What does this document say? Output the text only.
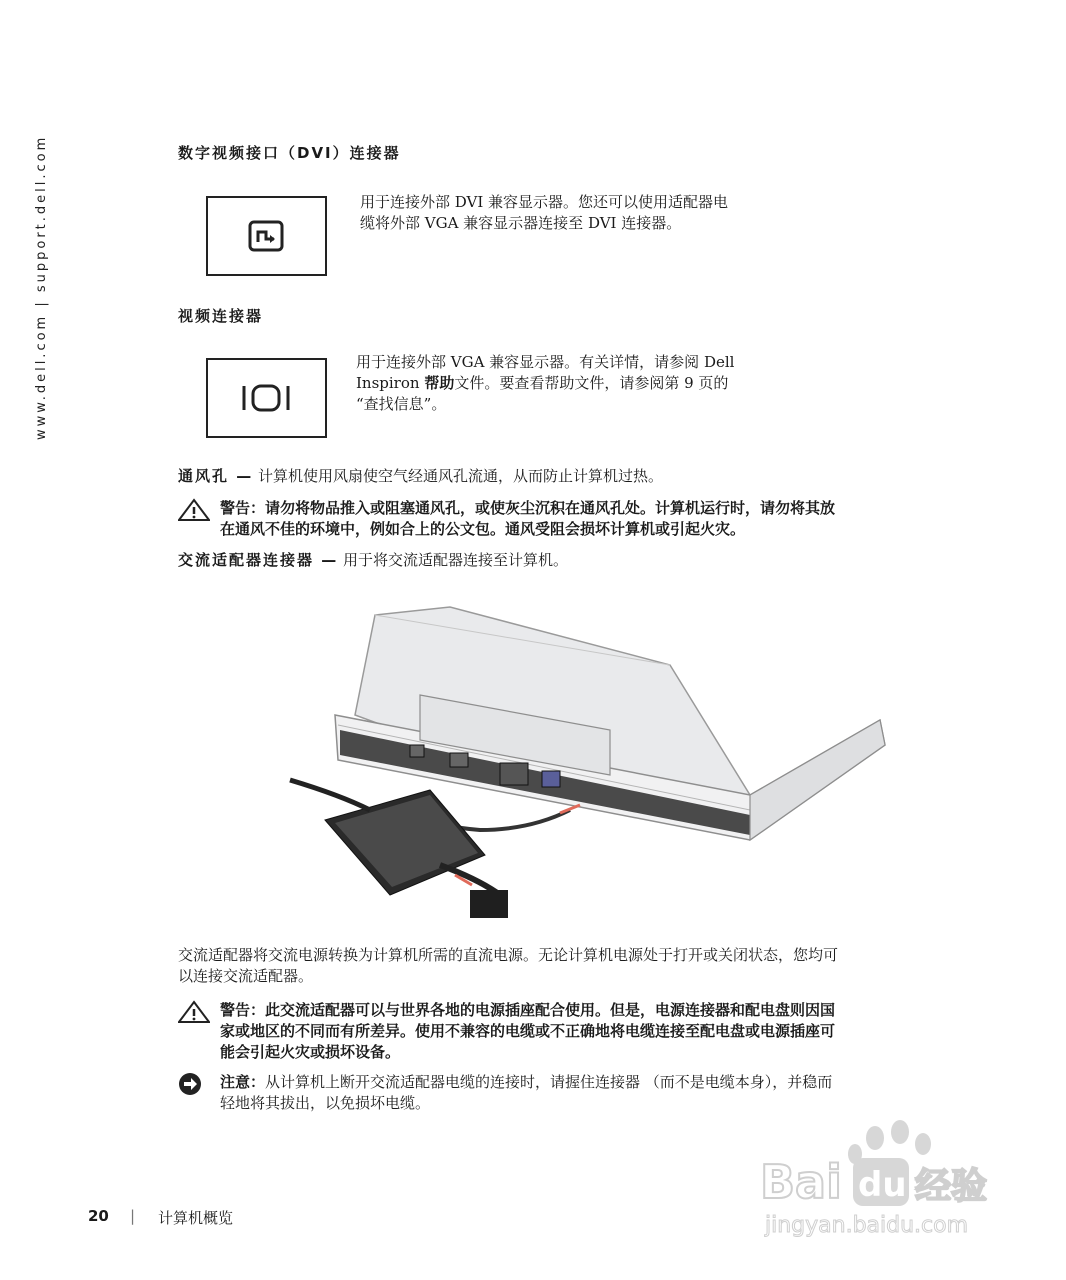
www.dell.com | support.dell.com	数字视频接口（DVI）连接器
用于连接外部 DVI 兼容显示器。您还可以使用适配器电
缆将外部 VGA 兼容显示器连接至 DVI 连接器。
视频连接器
用于连接外部 VGA 兼容显示器。有关详情，请参阅 Dell
Inspiron 帮助文件。要查看帮助文件，请参阅第 9 页的
“查找信息”。
通风孔 — 计算机使用风扇使空气经通风孔流通，从而防止计算机过热。
警告：请勿将物品推入或阻塞通风孔，或使灰尘沉积在通风孔处。计算机运行时，请勿将其放
在通风不佳的环境中，例如合上的公文包。通风受阻会损坏计算机或引起火灾。
交流适配器连接器 — 用于将交流适配器连接至计算机。
交流适配器将交流电源转换为计算机所需的直流电源。无论计算机电源处于打开或关闭状态，您均可
以连接交流适配器。
警告：此交流适配器可以与世界各地的电源插座配合使用。但是，电源连接器和配电盘则因国
家或地区的不同而有所差异。使用不兼容的电缆或不正确地将电缆连接至配电盘或电源插座可
能会引起火灾或损坏设备。
注意：从计算机上断开交流适配器电缆的连接时，请握住连接器 （而不是电缆本身），并稳而
轻地将其拔出，以免损坏电缆。
Bai du 经验
jingyan.baidu.com
20 | 计算机概览
